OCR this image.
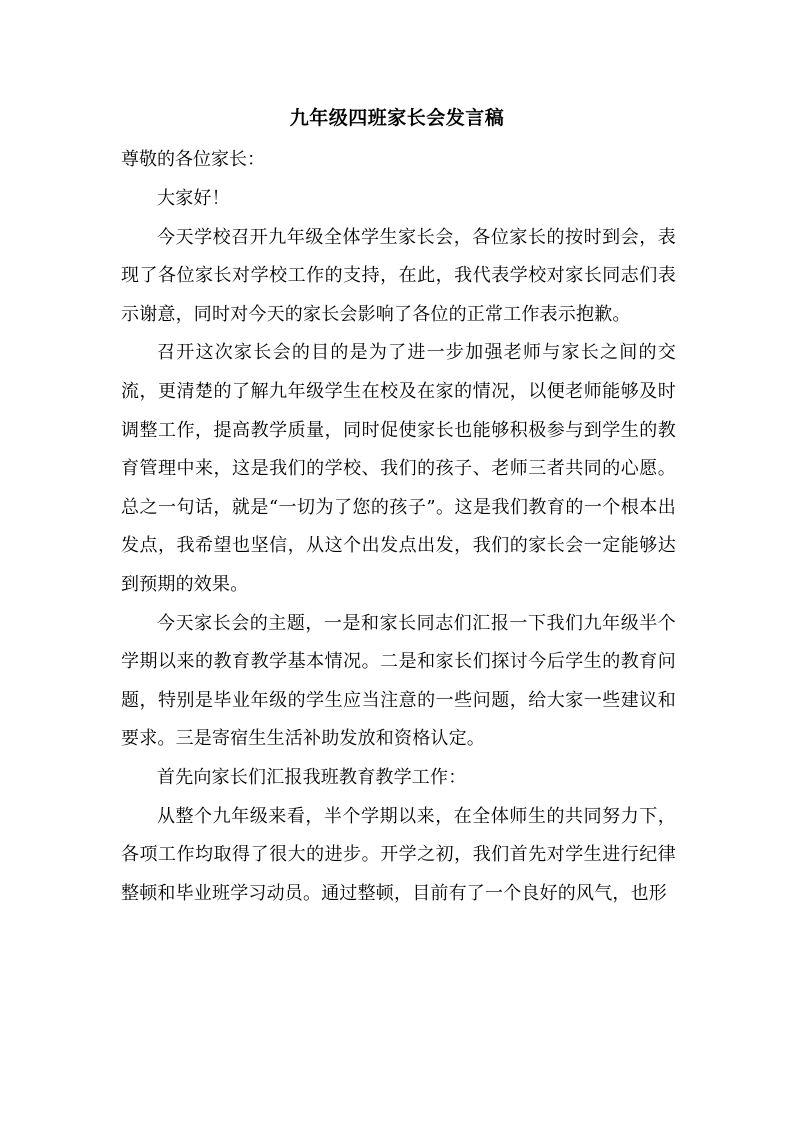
九年级四班家长会发言稿
尊敬的各位家长：

大家好！

今天学校召开九年级全体学生家长会，各位家长的按时到会，表现了各位家长对学校工作的支持，在此，我代表学校对家长同志们表示谢意，同时对今天的家长会影响了各位的正常工作表示抱歉。

召开这次家长会的目的是为了进一步加强老师与家长之间的交流，更清楚的了解九年级学生在校及在家的情况，以便老师能够及时调整工作，提高教学质量，同时促使家长也能够积极参与到学生的教育管理中来，这是我们的学校、我们的孩子、老师三者共同的心愿。总之一句话，就是“一切为了您的孩子”。这是我们教育的一个根本出发点，我希望也坚信，从这个出发点出发，我们的家长会一定能够达到预期的效果。

今天家长会的主题，一是和家长同志们汇报一下我们九年级半个学期以来的教育教学基本情况。二是和家长们探讨今后学生的教育问题，特别是毕业年级的学生应当注意的一些问题，给大家一些建议和要求。三是寄宿生生活补助发放和资格认定。

首先向家长们汇报我班教育教学工作：

从整个九年级来看，半个学期以来，在全体师生的共同努力下，各项工作均取得了很大的进步。开学之初，我们首先对学生进行纪律整顿和毕业班学习动员。通过整顿，目前有了一个良好的风气，也形
